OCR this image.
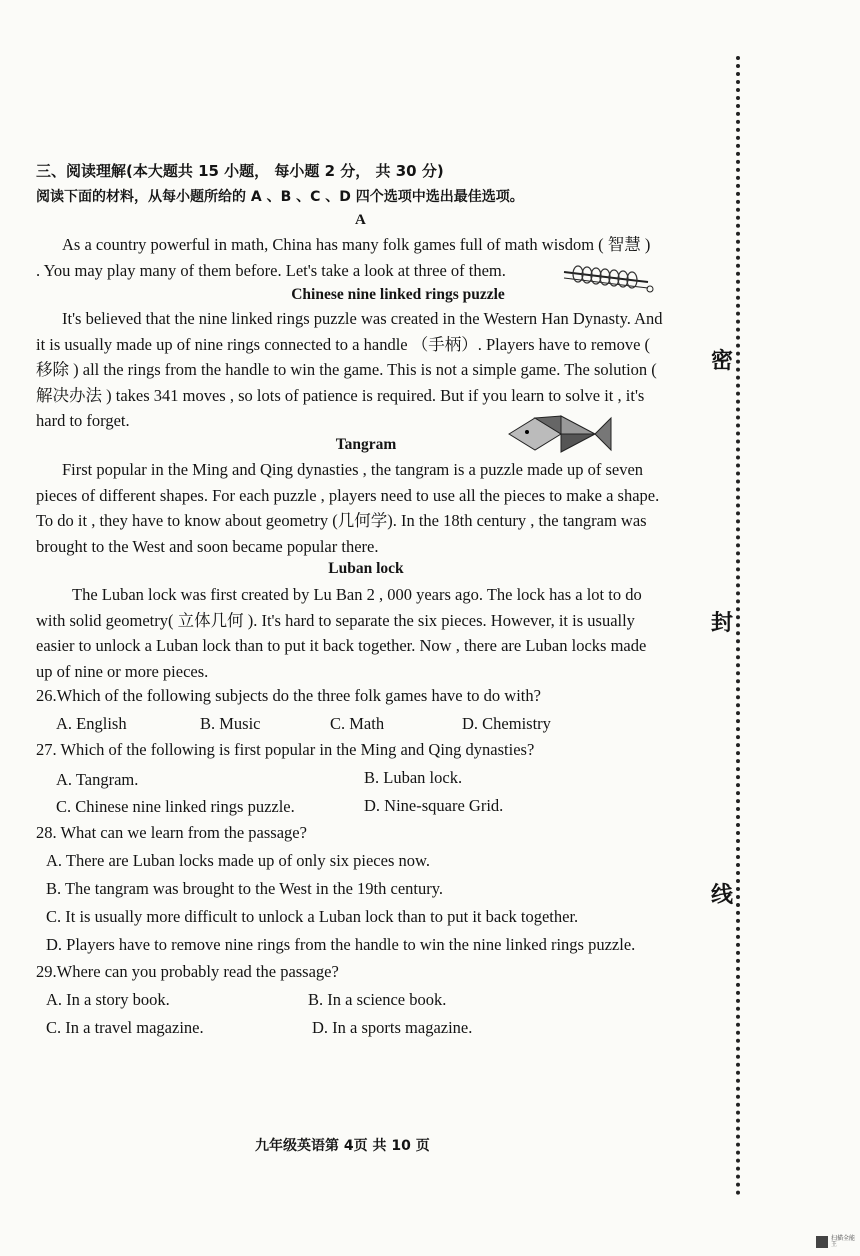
三、阅读理解(本大题共 15 小题， 每小题 2 分， 共 30 分)
阅读下面的材料，从每小题所给的 A 、B 、C 、D 四个选项中选出最佳选项。
A
As a country powerful in math, China has many folk games full of math wisdom ( 智慧 ) . You may play many of them before. Let's take a look at three of them.
Chinese nine linked rings puzzle
It's believed that the nine linked rings puzzle was created in the Western Han Dynasty. And it is usually made up of nine rings connected to a handle （手柄）. Players have to remove ( 移除 ) all the rings from the handle to win the game. This is not a simple game. The solution ( 解决办法 ) takes 341 moves , so lots of patience is required. But if you learn to solve it , it's hard to forget.
Tangram
First popular in the Ming and Qing dynasties , the tangram is a puzzle made up of seven pieces of different shapes. For each puzzle , players need to use all the pieces to make a shape. To do it , they have to know about geometry (几何学). In the 18th century , the tangram was brought to the West and soon became popular there.
Luban lock
The Luban lock was first created by Lu Ban 2 , 000 years ago. The lock has a lot to do with solid geometry( 立体几何 ). It's hard to separate the six pieces. However, it is usually easier to unlock a Luban lock than to put it back together. Now , there are Luban locks made up of nine or more pieces.
26.Which of the following subjects do the three folk games have to do with?
A. English	B. Music	C. Math	D. Chemistry
27. Which of the following is first popular in the Ming and Qing dynasties?
A. Tangram.	B. Luban lock.
C. Chinese nine linked rings puzzle.	D. Nine-square Grid.
28. What can we learn from the passage?
A. There are Luban locks made up of only six pieces now.
B. The tangram was brought to the West in the 19th century.
C. It is usually more difficult to unlock a Luban lock than to put it back together.
D. Players have to remove nine rings from the handle to win the nine linked rings puzzle.
29.Where can you probably read the passage?
A. In a story book.	B. In a science book.
C. In a travel magazine.	D. In a sports magazine.
九年级英语第 4页 共 10 页
密
封
线
扫描全能王
